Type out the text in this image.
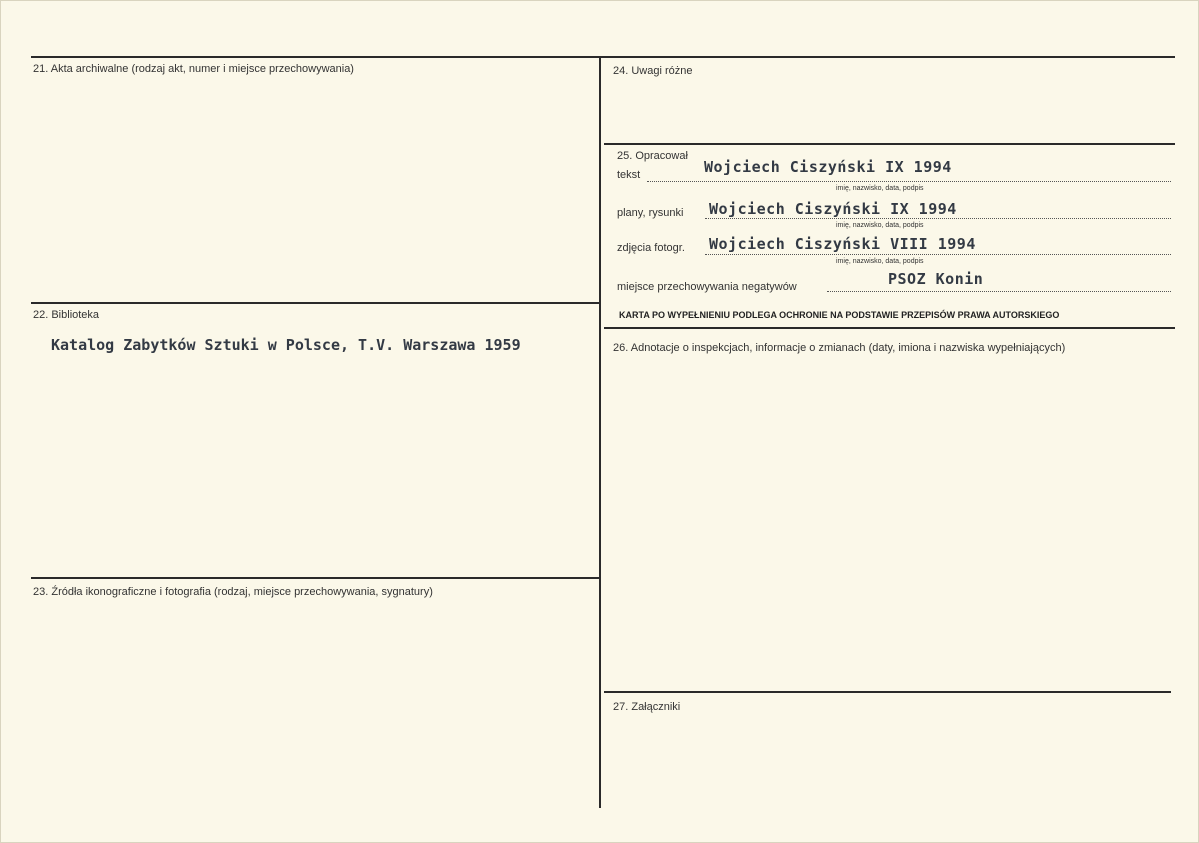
21. Akta archiwalne (rodzaj akt, numer i miejsce przechowywania)
22. Biblioteka
Katalog Zabytków Sztuki w Polsce, T.V. Warszawa 1959
23. Źródła ikonograficzne i fotografia (rodzaj, miejsce przechowywania, sygnatury)
24. Uwagi różne
25. Opracował
tekst	Wojciech Ciszyński IX 1994
imię, nazwisko, data, podpis
plany, rysunki Wojciech Ciszyński IX 1994
imię, nazwisko, data, podpis
zdjęcia fotogr. Wojciech Ciszyński VIII 1994
imię, nazwisko, data, podpis
miejsce przechowywania negatywów	PSOZ Konin
KARTA PO WYPEŁNIENIU PODLEGA OCHRONIE NA PODSTAWIE PRZEPISÓW PRAWA AUTORSKIEGO
26. Adnotacje o inspekcjach, informacje o zmianach (daty, imiona i nazwiska wypełniających)
27. Załączniki
